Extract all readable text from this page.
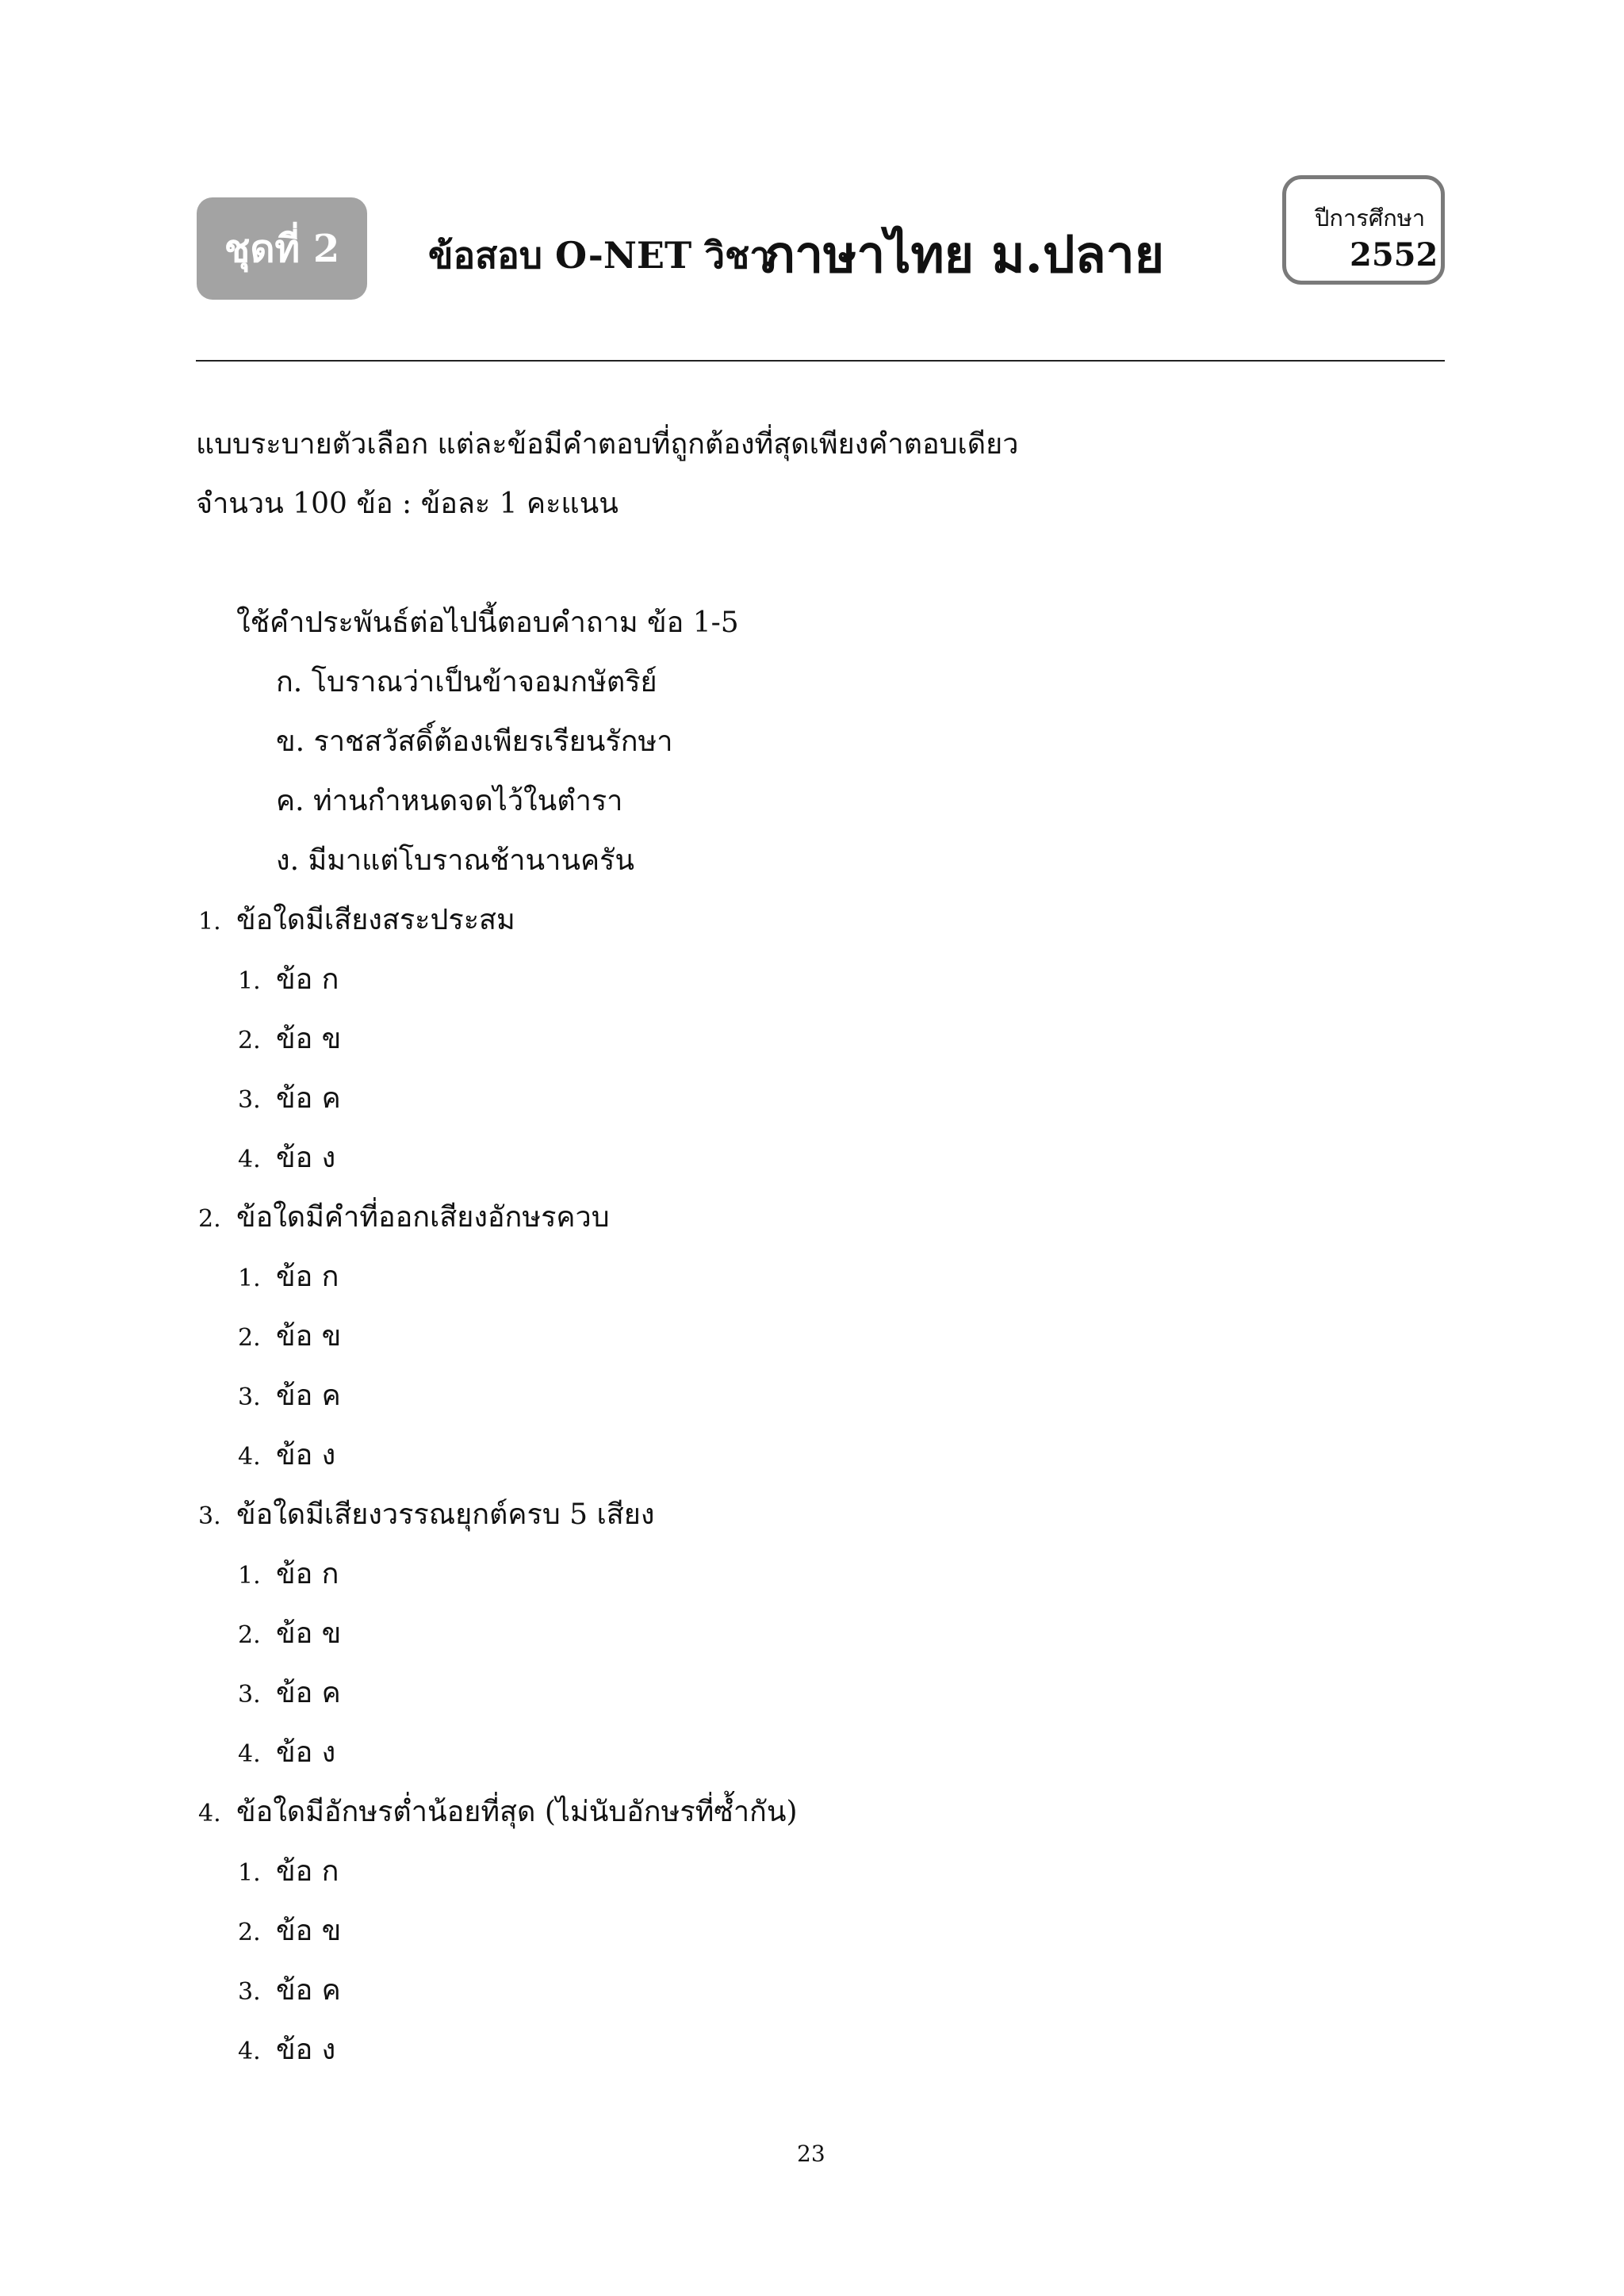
ชุดที่ 2 ข้อสอบ O-NET วิชา
ภาษาไทย ม.ปลาย
ปีการศึกษา
2552
แบบระบายตัวเลือก แต่ละข้อมีคำตอบที่ถูกต้องที่สุดเพียงคำตอบเดียว
จำนวน 100 ข้อ : ข้อละ 1 คะแนน
ใช้คำประพันธ์ต่อไปนี้ตอบคำถาม ข้อ 1-5
ก. โบราณว่าเป็นข้าจอมกษัตริย์
ข. ราชสวัสดิ์ต้องเพียรเรียนรักษา
ค. ท่านกำหนดจดไว้ในตำรา
ง. มีมาแต่โบราณช้านานครัน
1. ข้อใดมีเสียงสระประสม
1. ข้อ ก
2. ข้อ ข
3. ข้อ ค
4. ข้อ ง
2. ข้อใดมีคำที่ออกเสียงอักษรควบ
1. ข้อ ก
2. ข้อ ข
3. ข้อ ค
4. ข้อ ง
3. ข้อใดมีเสียงวรรณยุกต์ครบ 5 เสียง
1. ข้อ ก
2. ข้อ ข
3. ข้อ ค
4. ข้อ ง
4. ข้อใดมีอักษรต่ำน้อยที่สุด (ไม่นับอักษรที่ซ้ำกัน)
1. ข้อ ก
2. ข้อ ข
3. ข้อ ค
4. ข้อ ง
23
